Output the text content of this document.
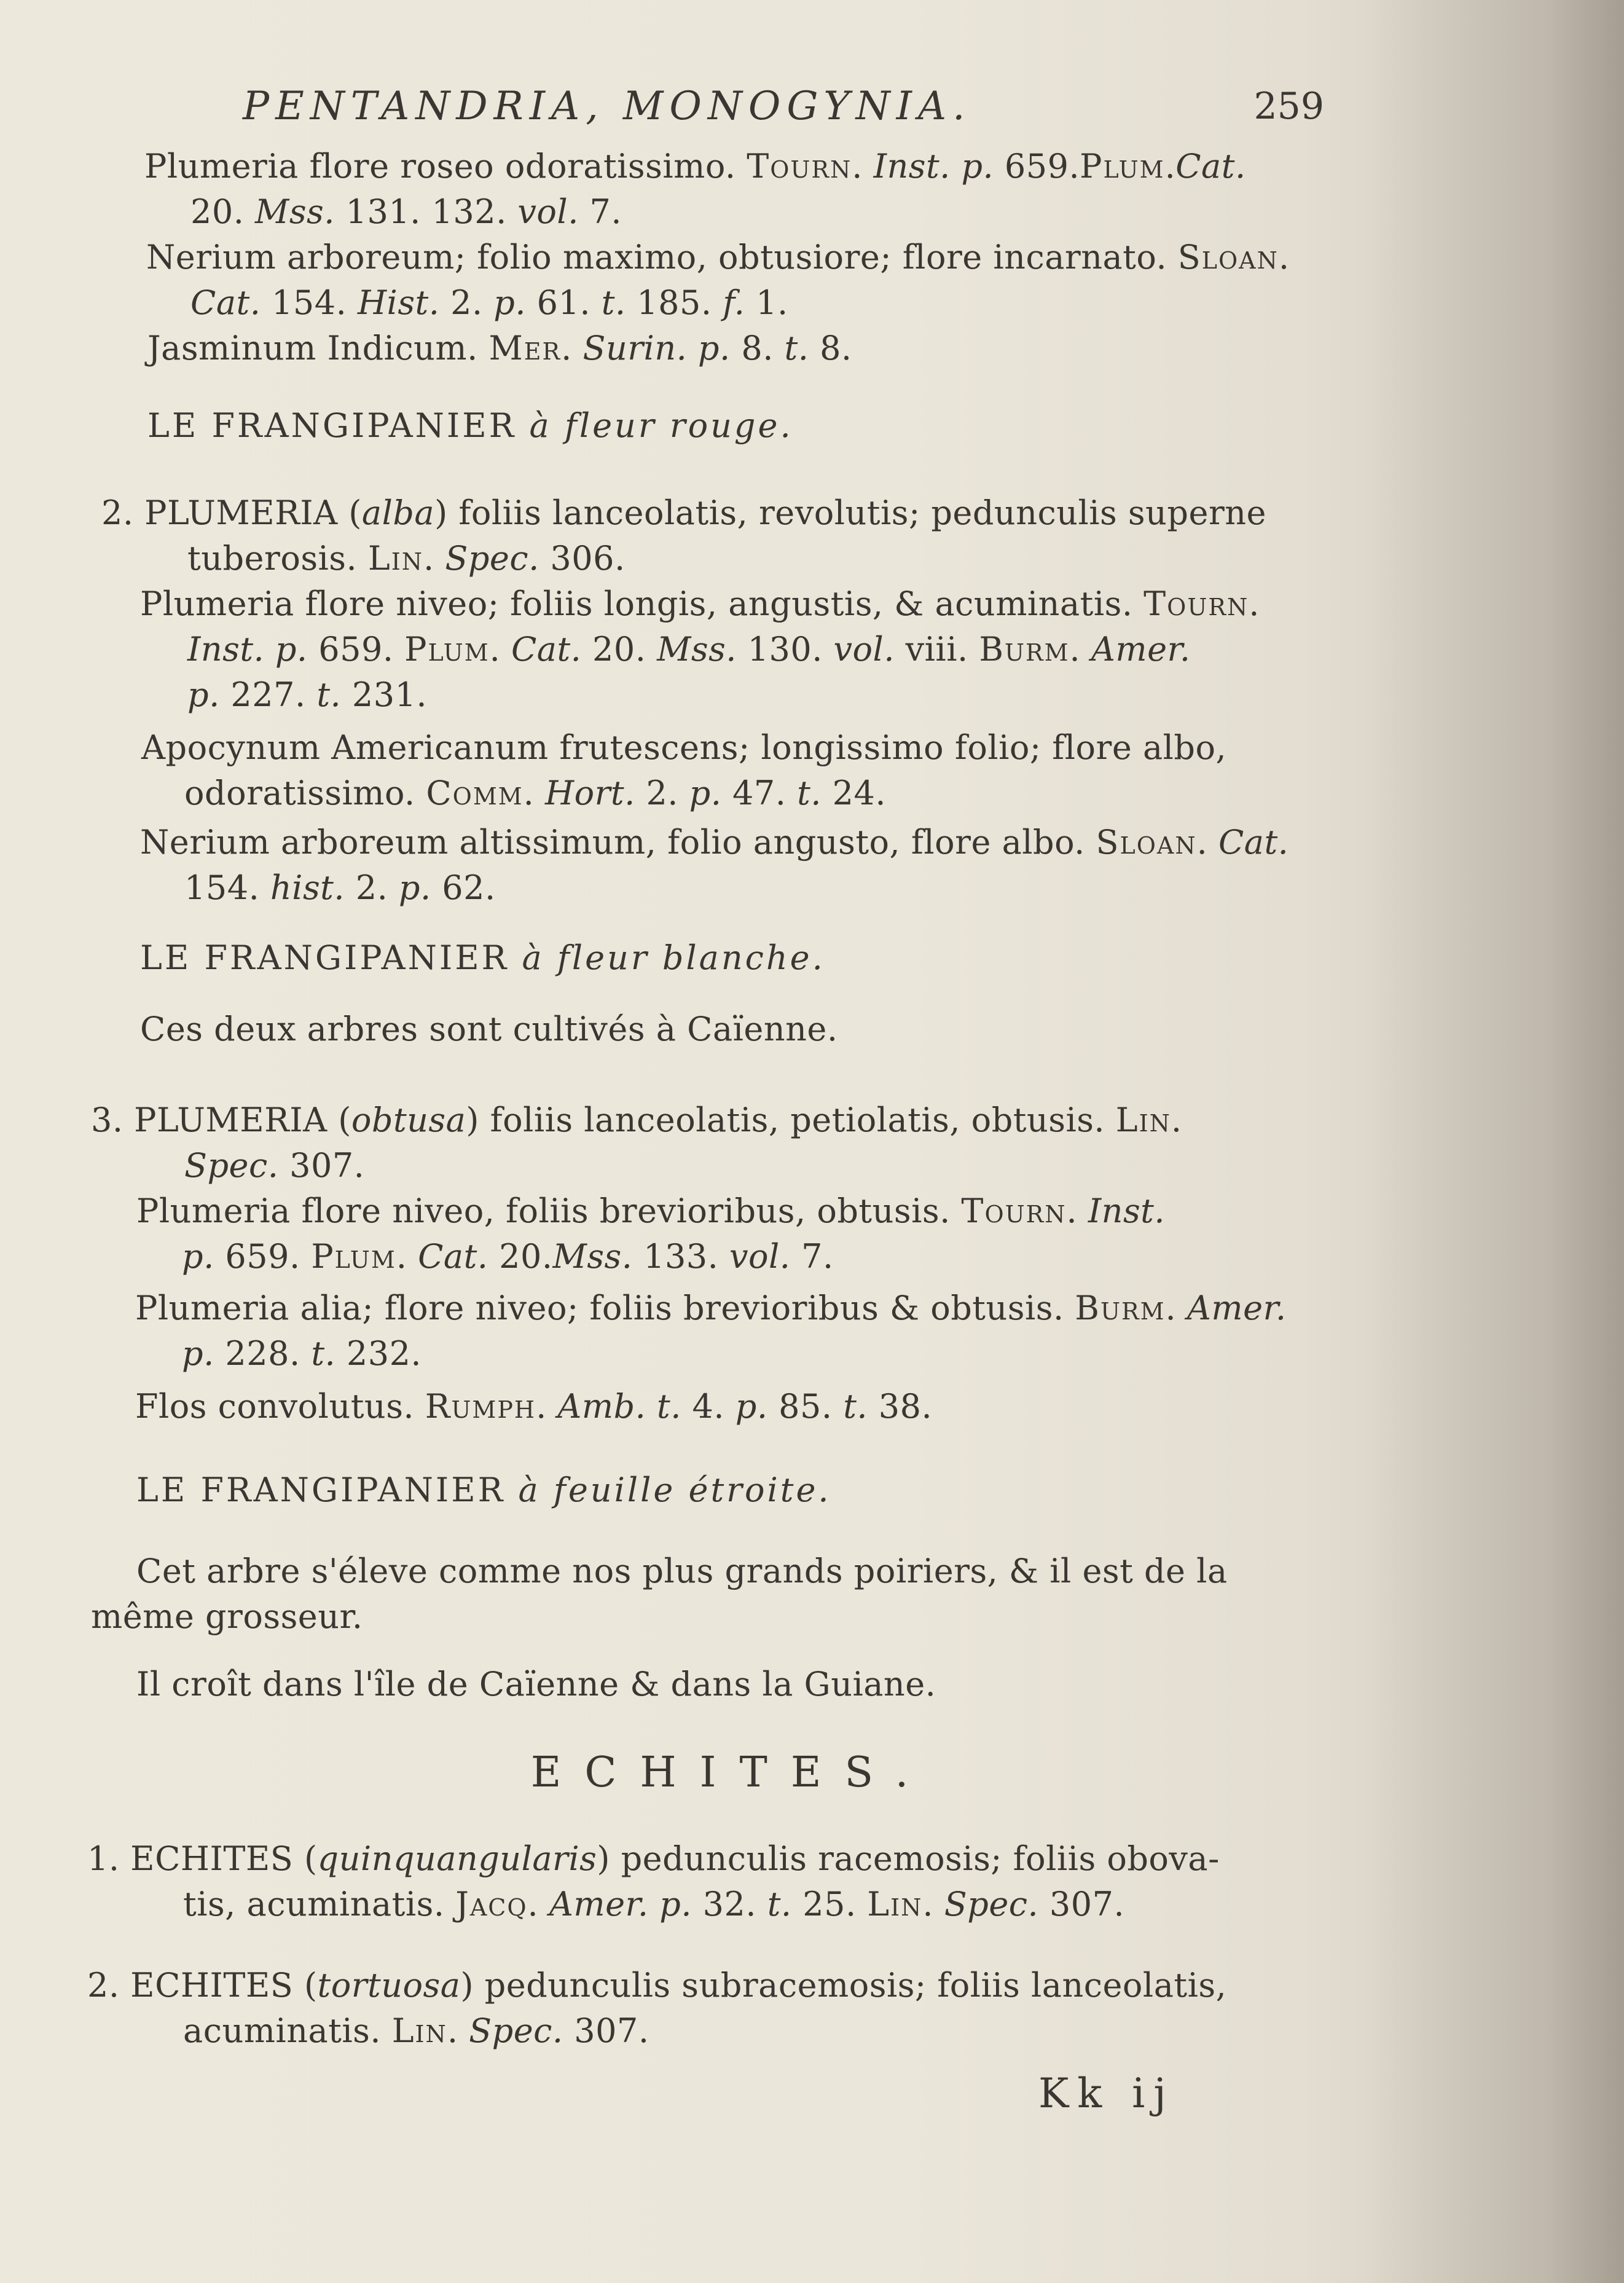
PENTANDRIA, MONOGYNIA.	259
Plumeria flore roseo odoratissimo. Tourn. Inst. p. 659.Plum.Cat.
20. Mss. 131. 132. vol. 7.
Nerium arboreum; folio maximo, obtusiore; flore incarnato. Sloan.
Cat. 154. Hist. 2. p. 61. t. 185. f. 1.
Jasminum Indicum. Mer. Surin. p. 8. t. 8.
LE FRANGIPANIER à fleur rouge.
2. PLUMERIA (alba) foliis lanceolatis, revolutis; pedunculis superne
tuberosis. Lin. Spec. 306.
Plumeria flore niveo; foliis longis, angustis, & acuminatis. Tourn.
Inst. p. 659. Plum. Cat. 20. Mss. 130. vol. viii. Burm. Amer.
p. 227. t. 231.
Apocynum Americanum frutescens; longissimo folio; flore albo,
odoratissimo. Comm. Hort. 2. p. 47. t. 24.
Nerium arboreum altissimum, folio angusto, flore albo. Sloan. Cat.
154. hist. 2. p. 62.
LE FRANGIPANIER à fleur blanche.
Ces deux arbres sont cultivés à Caïenne.
3. PLUMERIA (obtusa) foliis lanceolatis, petiolatis, obtusis. Lin.
Spec. 307.
Plumeria flore niveo, foliis brevioribus, obtusis. Tourn. Inst.
p. 659. Plum. Cat. 20.Mss. 133. vol. 7.
Plumeria alia; flore niveo; foliis brevioribus & obtusis. Burm. Amer.
p. 228. t. 232.
Flos convolutus. Rumph. Amb. t. 4. p. 85. t. 38.
LE FRANGIPANIER à feuille étroite.
Cet arbre s'éleve comme nos plus grands poiriers, & il est de la
même grosseur.
Il croît dans l'île de Caïenne & dans la Guiane.
ECHITES.
1. ECHITES (quinquangularis) pedunculis racemosis; foliis obova-
tis, acuminatis. Jacq. Amer. p. 32. t. 25. Lin. Spec. 307.
2. ECHITES (tortuosa) pedunculis subracemosis; foliis lanceolatis,
acuminatis. Lin. Spec. 307.
Kk ij
